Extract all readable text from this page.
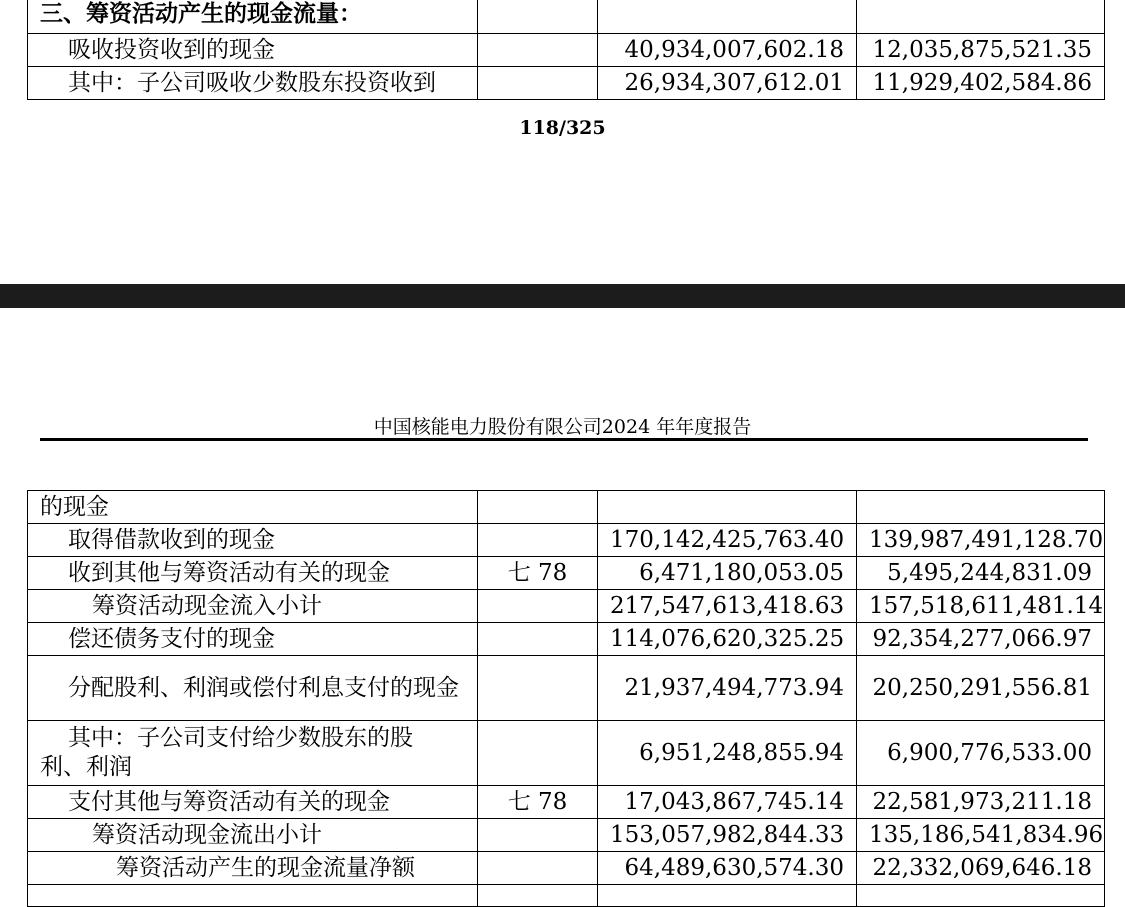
三、筹资活动产生的现金流量：			
吸收投资收到的现金		40,934,007,602.18	12,035,875,521.35
其中：子公司吸收少数股东投资收到		26,934,307,612.01	11,929,402,584.86
118/325
中国核能电力股份有限公司2024 年年度报告
的现金			
取得借款收到的现金		170,142,425,763.40	139,987,491,128.70
收到其他与筹资活动有关的现金	七 78	6,471,180,053.05	5,495,244,831.09
筹资活动现金流入小计		217,547,613,418.63	157,518,611,481.14
偿还债务支付的现金		114,076,620,325.25	92,354,277,066.97
分配股利、利润或偿付利息支付的现金		21,937,494,773.94	20,250,291,556.81
其中：子公司支付给少数股东的股利、利润		6,951,248,855.94	6,900,776,533.00
支付其他与筹资活动有关的现金	七 78	17,043,867,745.14	22,581,973,211.18
筹资活动现金流出小计		153,057,982,844.33	135,186,541,834.96
筹资活动产生的现金流量净额		64,489,630,574.30	22,332,069,646.18
